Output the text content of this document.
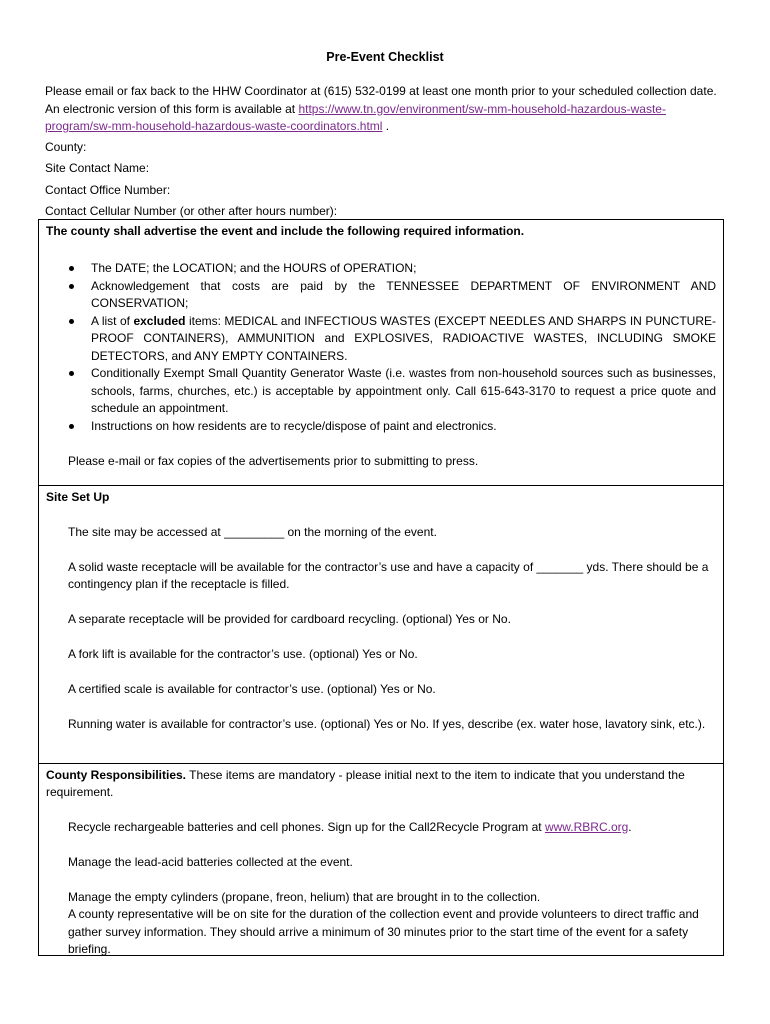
Pre-Event Checklist
Please email or fax back to the HHW Coordinator at (615) 532-0199 at least one month prior to your scheduled collection date. An electronic version of this form is available at https://www.tn.gov/environment/sw-mm-household-hazardous-waste-program/sw-mm-household-hazardous-waste-coordinators.html .
County:
Site Contact Name:
Contact Office Number:
Contact Cellular Number (or other after hours number):
The county shall advertise the event and include the following required information.
The DATE; the LOCATION; and the HOURS of OPERATION;
Acknowledgement that costs are paid by the TENNESSEE DEPARTMENT OF ENVIRONMENT AND CONSERVATION;
A list of excluded items: MEDICAL and INFECTIOUS WASTES (EXCEPT NEEDLES AND SHARPS IN PUNCTURE-PROOF CONTAINERS), AMMUNITION and EXPLOSIVES, RADIOACTIVE WASTES, INCLUDING SMOKE DETECTORS, and ANY EMPTY CONTAINERS.
Conditionally Exempt Small Quantity Generator Waste (i.e. wastes from non-household sources such as businesses, schools, farms, churches, etc.) is acceptable by appointment only. Call 615-643-3170 to request a price quote and schedule an appointment.
Instructions on how residents are to recycle/dispose of paint and electronics.
Please e-mail or fax copies of the advertisements prior to submitting to press.
Site Set Up
The site may be accessed at _________ on the morning of the event.
A solid waste receptacle will be available for the contractor’s use and have a capacity of _______ yds. There should be a contingency plan if the receptacle is filled.
A separate receptacle will be provided for cardboard recycling. (optional) Yes or No.
A fork lift is available for the contractor’s use. (optional) Yes or No.
A certified scale is available for contractor’s use. (optional) Yes or No.
Running water is available for contractor’s use. (optional) Yes or No. If yes, describe (ex. water hose, lavatory sink, etc.).
County Responsibilities. These items are mandatory - please initial next to the item to indicate that you understand the requirement.
Recycle rechargeable batteries and cell phones. Sign up for the Call2Recycle Program at www.RBRC.org.
Manage the lead-acid batteries collected at the event.
Manage the empty cylinders (propane, freon, helium) that are brought in to the collection.
A county representative will be on site for the duration of the collection event and provide volunteers to direct traffic and gather survey information. They should arrive a minimum of 30 minutes prior to the start time of the event for a safety briefing.
